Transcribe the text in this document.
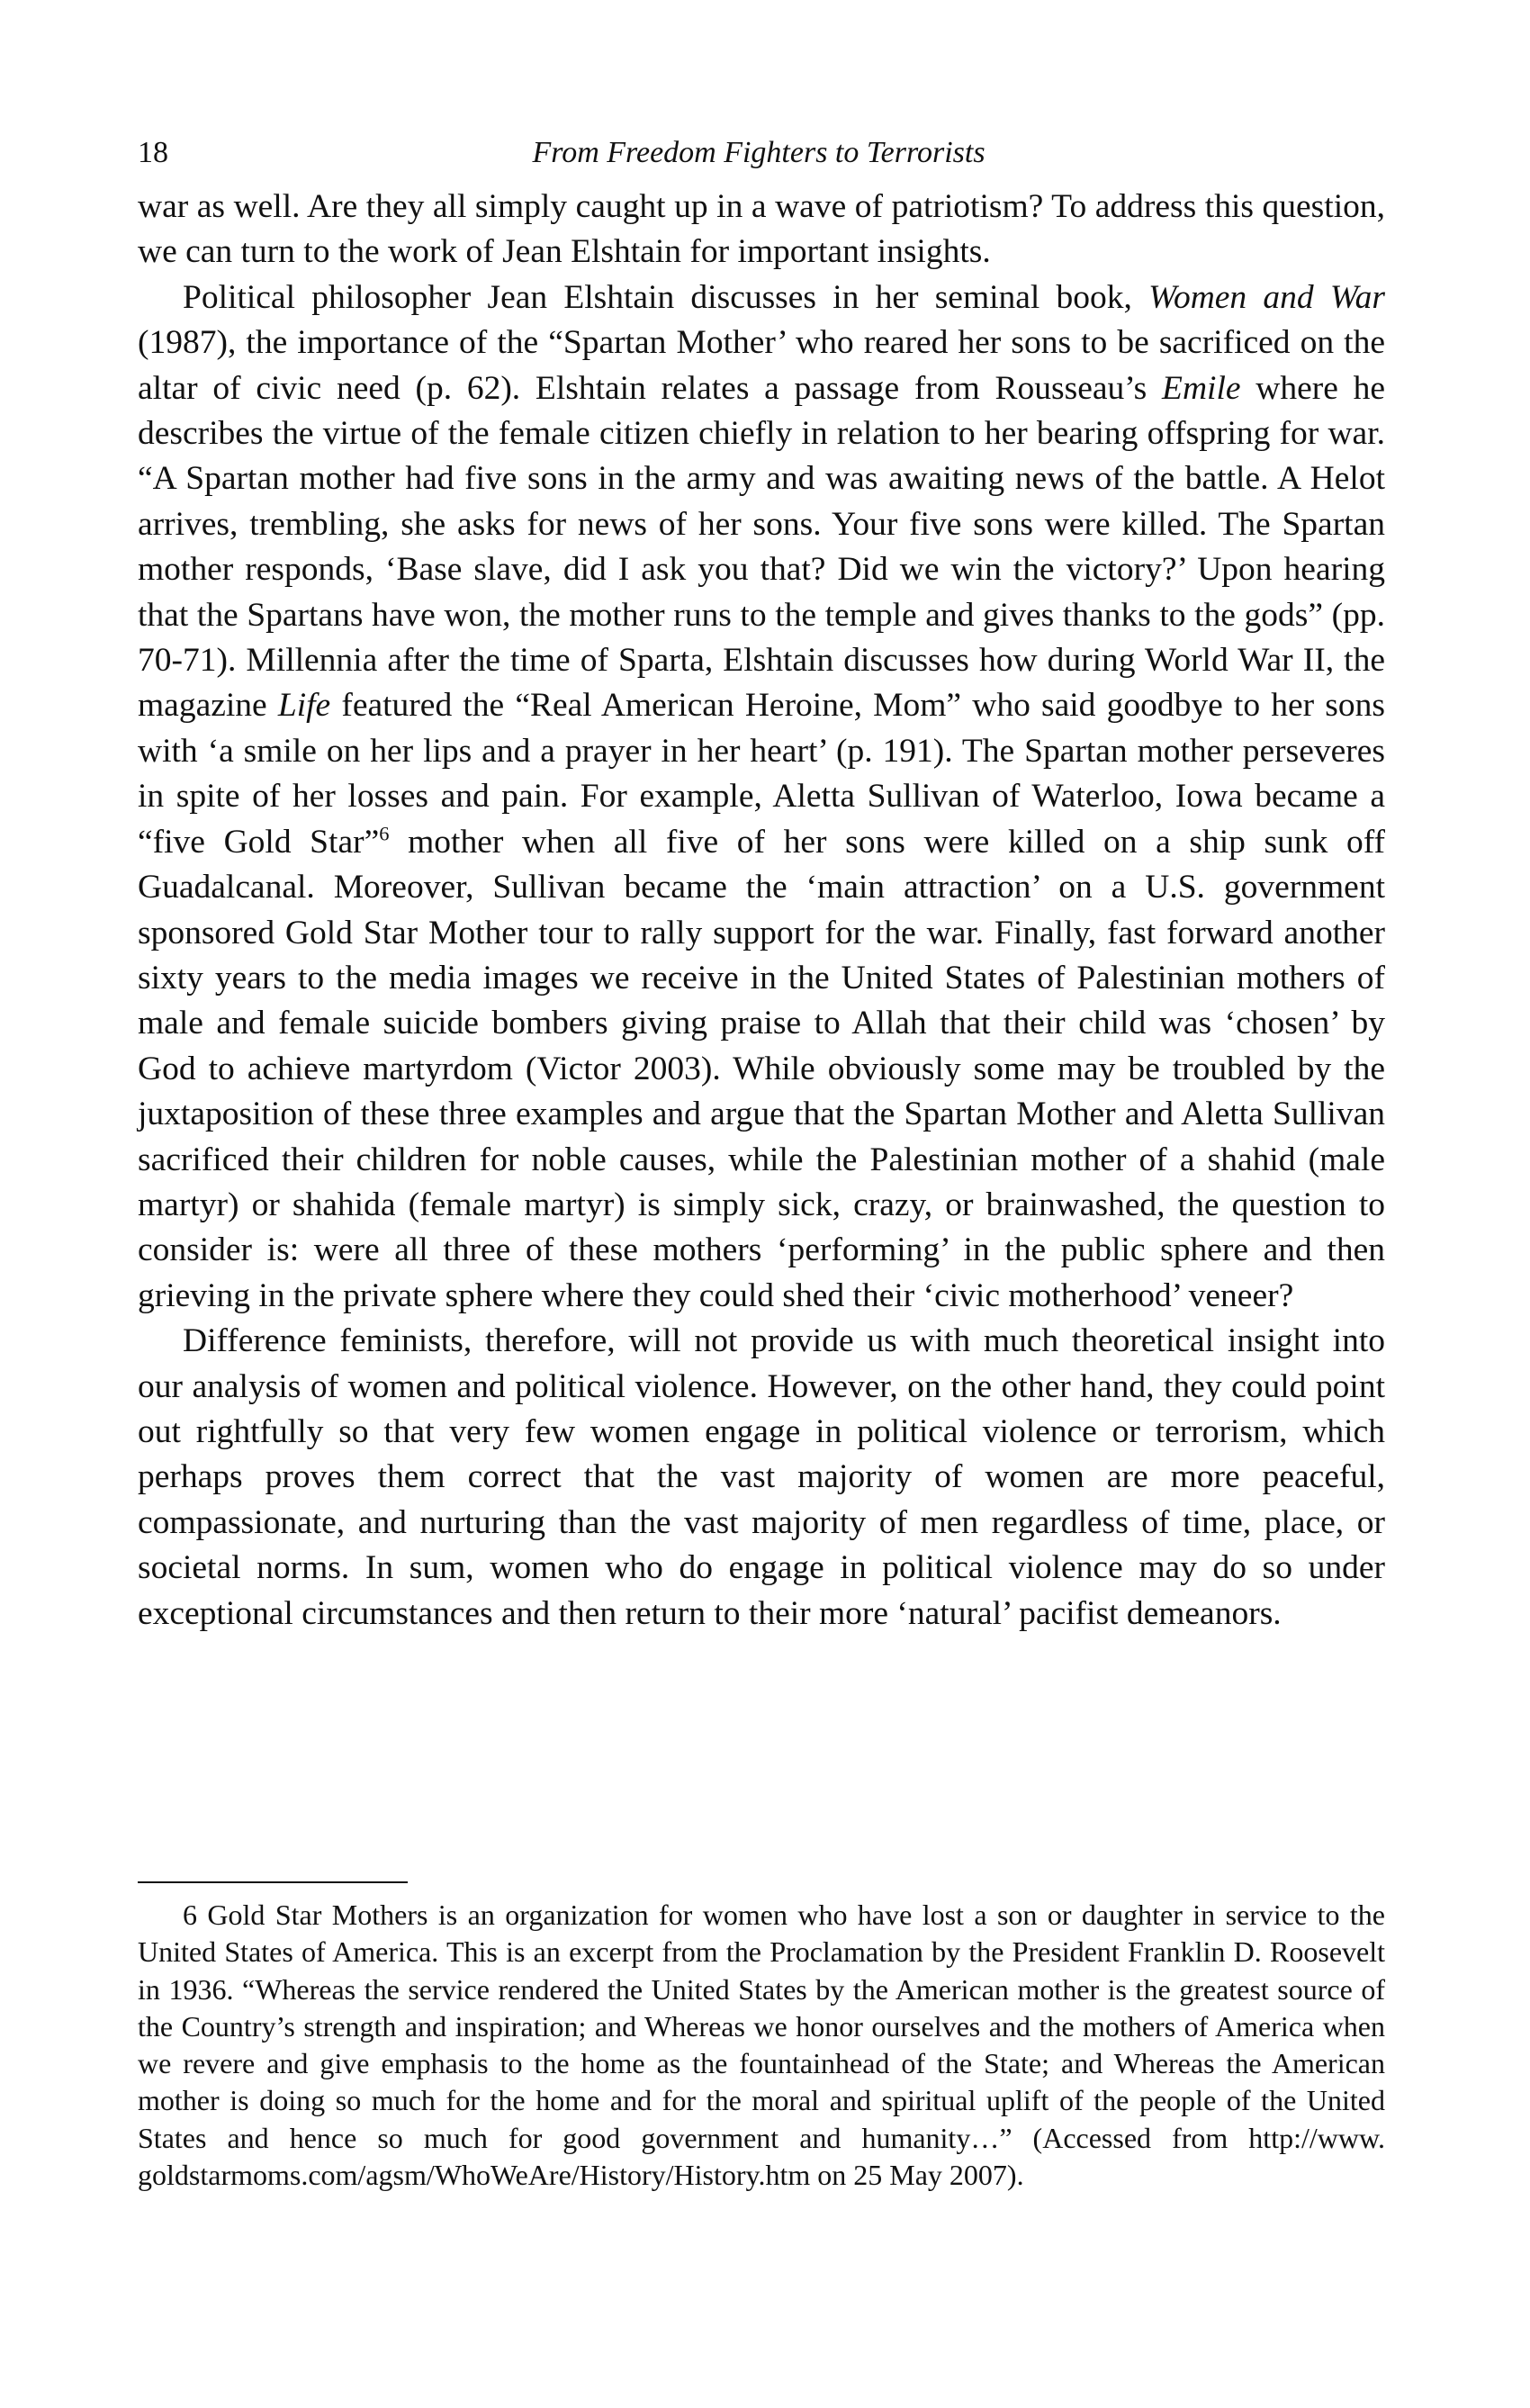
18	From Freedom Fighters to Terrorists

war as well. Are they all simply caught up in a wave of patriotism? To address this question, we can turn to the work of Jean Elshtain for important insights.

Political philosopher Jean Elshtain discusses in her seminal book, Women and War (1987), the importance of the “Spartan Mother’ who reared her sons to be sacrificed on the altar of civic need (p. 62). Elshtain relates a passage from Rousseau’s Emile where he describes the virtue of the female citizen chiefly in relation to her bearing offspring for war. “A Spartan mother had five sons in the army and was awaiting news of the battle. A Helot arrives, trembling, she asks for news of her sons. Your five sons were killed. The Spartan mother responds, ‘Base slave, did I ask you that? Did we win the victory?’ Upon hearing that the Spartans have won, the mother runs to the temple and gives thanks to the gods” (pp. 70-71). Millennia after the time of Sparta, Elshtain discusses how during World War II, the magazine Life featured the “Real American Heroine, Mom” who said goodbye to her sons with ‘a smile on her lips and a prayer in her heart’ (p. 191). The Spartan mother perseveres in spite of her losses and pain. For example, Aletta Sullivan of Waterloo, Iowa became a “five Gold Star”$^6$ mother when all five of her sons were killed on a ship sunk off Guadalcanal. Moreover, Sullivan became the ‘main attraction’ on a U.S. government sponsored Gold Star Mother tour to rally support for the war. Finally, fast forward another sixty years to the media images we receive in the United States of Palestinian mothers of male and female suicide bombers giving praise to Allah that their child was ‘chosen’ by God to achieve martyrdom (Victor 2003). While obviously some may be troubled by the juxtaposition of these three examples and argue that the Spartan Mother and Aletta Sullivan sacrificed their children for noble causes, while the Palestinian mother of a shahid (male martyr) or shahida (female martyr) is simply sick, crazy, or brainwashed, the question to consider is: were all three of these mothers ‘performing’ in the public sphere and then grieving in the private sphere where they could shed their ‘civic motherhood’ veneer?

Difference feminists, therefore, will not provide us with much theoretical insight into our analysis of women and political violence. However, on the other hand, they could point out rightfully so that very few women engage in political violence or terrorism, which perhaps proves them correct that the vast majority of women are more peaceful, compassionate, and nurturing than the vast majority of men regardless of time, place, or societal norms. In sum, women who do engage in political violence may do so under exceptional circumstances and then return to their more ‘natural’ pacifist demeanors.

6 Gold Star Mothers is an organization for women who have lost a son or daughter in service to the United States of America. This is an excerpt from the Proclamation by the President Franklin D. Roosevelt in 1936. “Whereas the service rendered the United States by the American mother is the greatest source of the Country’s strength and inspiration; and Whereas we honor ourselves and the mothers of America when we revere and give emphasis to the home as the fountainhead of the State; and Whereas the American mother is doing so much for the home and for the moral and spiritual uplift of the people of the United States and hence so much for good government and humanity…” (Accessed from http://www. goldstarmoms.com/agsm/WhoWeAre/History/History.htm on 25 May 2007).
